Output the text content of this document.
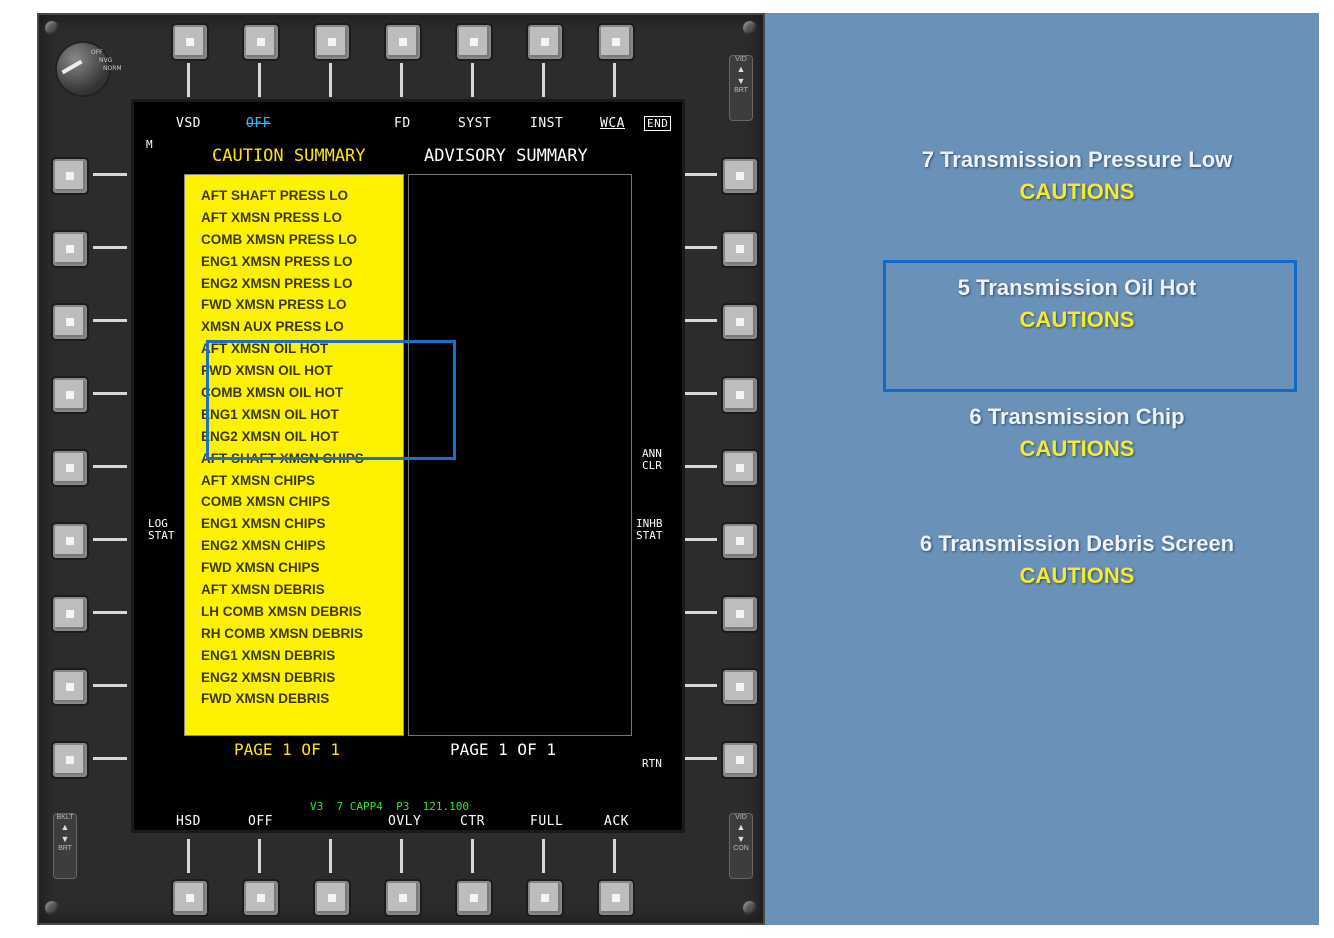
OFF
NVG
NORM
VID
▲
▼
BRT
BKLT
▲
▼
BRT
VID
▲
▼
CON
M
VSD	OFF	FD	SYST	INST	WCA END
CAUTION SUMMARY	ADVISORY SUMMARY
AFT SHAFT PRESS LO
AFT XMSN PRESS LO
COMB XMSN PRESS LO
ENG1 XMSN PRESS LO
ENG2 XMSN PRESS LO
FWD XMSN PRESS LO
XMSN AUX PRESS LO
AFT XMSN OIL HOT
FWD XMSN OIL HOT
COMB XMSN OIL HOT
ENG1 XMSN OIL HOT
ENG2 XMSN OIL HOT
AFT SHAFT XMSN CHIPS
AFT XMSN CHIPS
COMB XMSN CHIPS
ENG1 XMSN CHIPS
ENG2 XMSN CHIPS
FWD XMSN CHIPS
AFT XMSN DEBRIS
LH COMB XMSN DEBRIS
RH COMB XMSN DEBRIS
ENG1 XMSN DEBRIS
ENG2 XMSN DEBRIS
FWD XMSN DEBRIS
PAGE 1 OF 1	PAGE 1 OF 1
LOG
STAT
ANN
CLR
INHB
STAT
RTN
V3  7 CAPP4  P3  121.100
HSD	OFF	OVLY	CTR	FULL	ACK
7 Transmission Pressure Low
CAUTIONS
5 Transmission Oil Hot
CAUTIONS
6 Transmission Chip
CAUTIONS
6 Transmission Debris Screen
CAUTIONS
